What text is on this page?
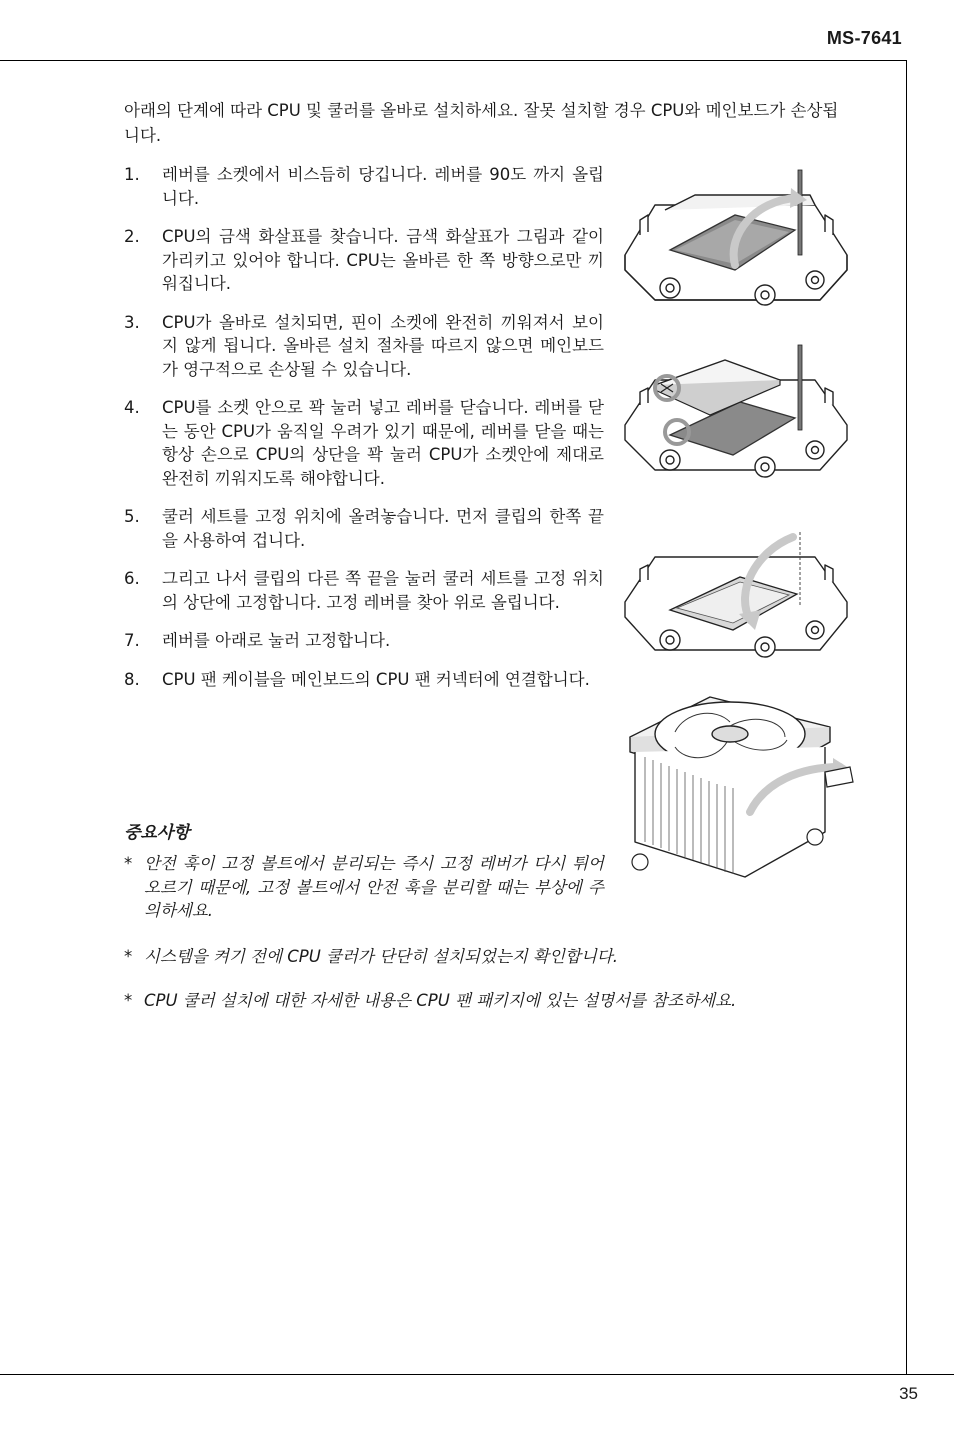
MS-7641
아래의 단계에 따라 CPU 및 쿨러를 올바로 설치하세요. 잘못 설치할 경우 CPU와 메인보드가 손상됩니다.
1. 레버를 소켓에서 비스듬히 당깁니다. 레버를 90도 까지 올립니다.
2. CPU의 금색 화살표를 찾습니다. 금색 화살표가 그림과 같이 가리키고 있어야 합니다. CPU는 올바른 한 쪽 방향으로만 끼워집니다.
3. CPU가 올바로 설치되면, 핀이 소켓에 완전히 끼워져서 보이지 않게 됩니다. 올바른 설치 절차를 따르지 않으면 메인보드가 영구적으로 손상될 수 있습니다.
4. CPU를 소켓 안으로 꽉 눌러 넣고 레버를 닫습니다. 레버를 닫는 동안 CPU가 움직일 우려가 있기 때문에, 레버를 닫을 때는 항상 손으로 CPU의 상단을 꽉 눌러 CPU가 소켓안에 제대로 완전히 끼워지도록 해야합니다.
5. 쿨러 세트를 고정 위치에 올려놓습니다. 먼저 클립의 한쪽 끝을 사용하여 겁니다.
6. 그리고 나서 클립의 다른 쪽 끝을 눌러 쿨러 세트를 고정 위치의 상단에 고정합니다. 고정 레버를 찾아 위로 올립니다.
7. 레버를 아래로 눌러 고정합니다.
8. CPU 팬 케이블을 메인보드의 CPU 팬 커넥터에 연결합니다.
중요사항
* 안전 훅이 고정 볼트에서 분리되는 즉시 고정 레버가 다시 튀어 오르기 때문에, 고정 볼트에서 안전 훅을 분리할 때는 부상에 주의하세요.
* 시스템을 켜기 전에 CPU 쿨러가 단단히 설치되었는지 확인합니다.
* CPU 쿨러 설치에 대한 자세한 내용은 CPU 팬 패키지에 있는 설명서를 참조하세요.
35
